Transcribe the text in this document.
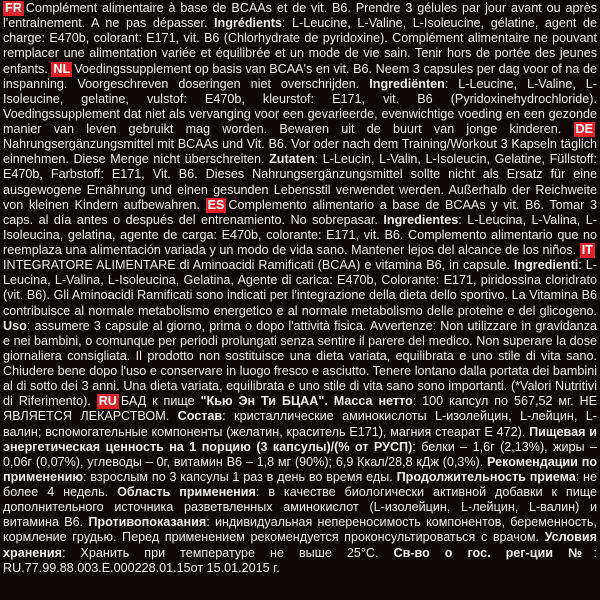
FR Complément alimentaire à base de BCAAs et de vit. B6. Prendre 3 gélules par jour avant ou après l'entrainement. A ne pas dépasser. Ingrédients: L-Leucine, L-Valine, L-Isoleucine, gélatine, agent de charge: E470b, colorant: E171, vit. B6 (Chlorhydrate de pyridoxine). Complément alimentaire ne pouvant remplacer une alimentation variée et équilibrée et un mode de vie sain. Tenir hors de portée des jeunes enfants.

NL Voedingssupplement op basis van BCAA's en vit. B6. Neem 3 capsules per dag voor of na de inspanning. Voorgeschreven doseringen niet overschrijden. Ingrediënten: L-Leucine, L-Valine, L-Isoleucine, gelatine, vulstof: E470b, kleurstof: E171, vit. B6 (Pyridoxinehydrochloride). Voedingssupplement dat niet als vervanging voor een gevarieerde, evenwichtige voeding en een gezonde manier van leven gebruikt mag worden. Bewaren uit de buurt van jonge kinderen.

DENahrungsergänzungsmittel mit BCAAs und Vit. B6. Vor oder nach dem Training/Workout 3 Kapseln täglich einnehmen. Diese Menge nicht überschreiten. Zutaten: L-Leucin, L-Valin, L-Isoleucin, Gelatine, Füllstoff: E470b, Farbstoff: E171, Vit. B6. Dieses Nahrungsergänzungsmittel sollte nicht als Ersatz für eine ausgewogene Ernährung und einen gesunden Lebensstil verwendet werden. Außerhalb der Reichweite von kleinen Kindern aufbewahren.

ES Complemento alimentario a base de BCAAs y vit. B6. Tomar 3 caps. al día antes o después del entrenamiento. No sobrepasar. Ingredientes: L-Leucina, L-Valina, L-Isoleucina, gelatina, agente de carga: E470b, colorante: E171, vit. B6. Complemento alimentario que no reemplaza una alimentación variada y un modo de vida sano. Mantener lejos del alcance de los niños.

ITINTEGRATORE ALIMENTARE di Aminoacidi Ramificati (BCAA) e vitamina B6, in capsule. Ingredienti: L-Leucina, L-Valina, L-Isoleucina, Gelatina, Agente di carica: E470b, Colorante: E171, piridossina cloridrato (vit. B6). Gli Aminoacidi Ramificati sono indicati per l'integrazione della dieta dello sportivo. La Vitamina B6 contribuisce al normale metabolismo energetico e al normale metabolismo delle proteine e del glicogeno. Uso: assumere 3 capsule al giorno, prima o dopo l'attività fisica. Avvertenze: Non utilizzare in gravidanza e nei bambini, o comunque per periodi prolungati senza sentire il parere del medico. Non superare la dose giornaliera consigliata. Il prodotto non sostituisce una dieta variata, equilibrata e uno stile di vita sano. Chiudere bene dopo l'uso e conservare in luogo fresco e asciutto. Tenere lontano dalla portata dei bambini al di sotto dei 3 anni. Una dieta variata, equilibrata e uno stile di vita sano sono importanti. (*Valori Nutritivi di Riferimento).

RU БАД к пище "Кью Эн Ти БЦАА". Масса нетто: 100 капсул по 567,52 мг. НЕ ЯВЛЯЕТСЯ ЛЕКАРСТВОМ. Состав: кристаллические аминокислоты L-изолейцин, L-лейцин, L-валин; вспомогательные компоненты (желатин, краситель Е171), магния стеарат Е 472). Пищевая и энергетическая ценность на 1 порцию (3 капсулы)/(% от РУСП): белки – 1,6г (2,13%), жиры – 0,06г (0,07%), углеводы – 0г, витамин В6 – 1,8 мг (90%); 6,9 Ккал/28,8 кДж (0,3%). Рекомендации по применению: взрослым по 3 капсулы 1 раз в день во время еды. Продолжительность приема: не более 4 недель. Область применения: в качестве биологически активной добавки к пище дополнительного источника разветвленных аминокислот (L-изолейцин, L-лейцин, L-валин) и витамина В6. Противопоказания: индивидуальная непереносимость компонентов, беременность, кормление грудью. Перед применением рекомендуется проконсультироваться с врачом. Условия хранения: Хранить при температуре не выше 25°С. Св-во о гос. рег-ции №: RU.77.99.88.003.Е.000228.01.15от 15.01.2015 г.
